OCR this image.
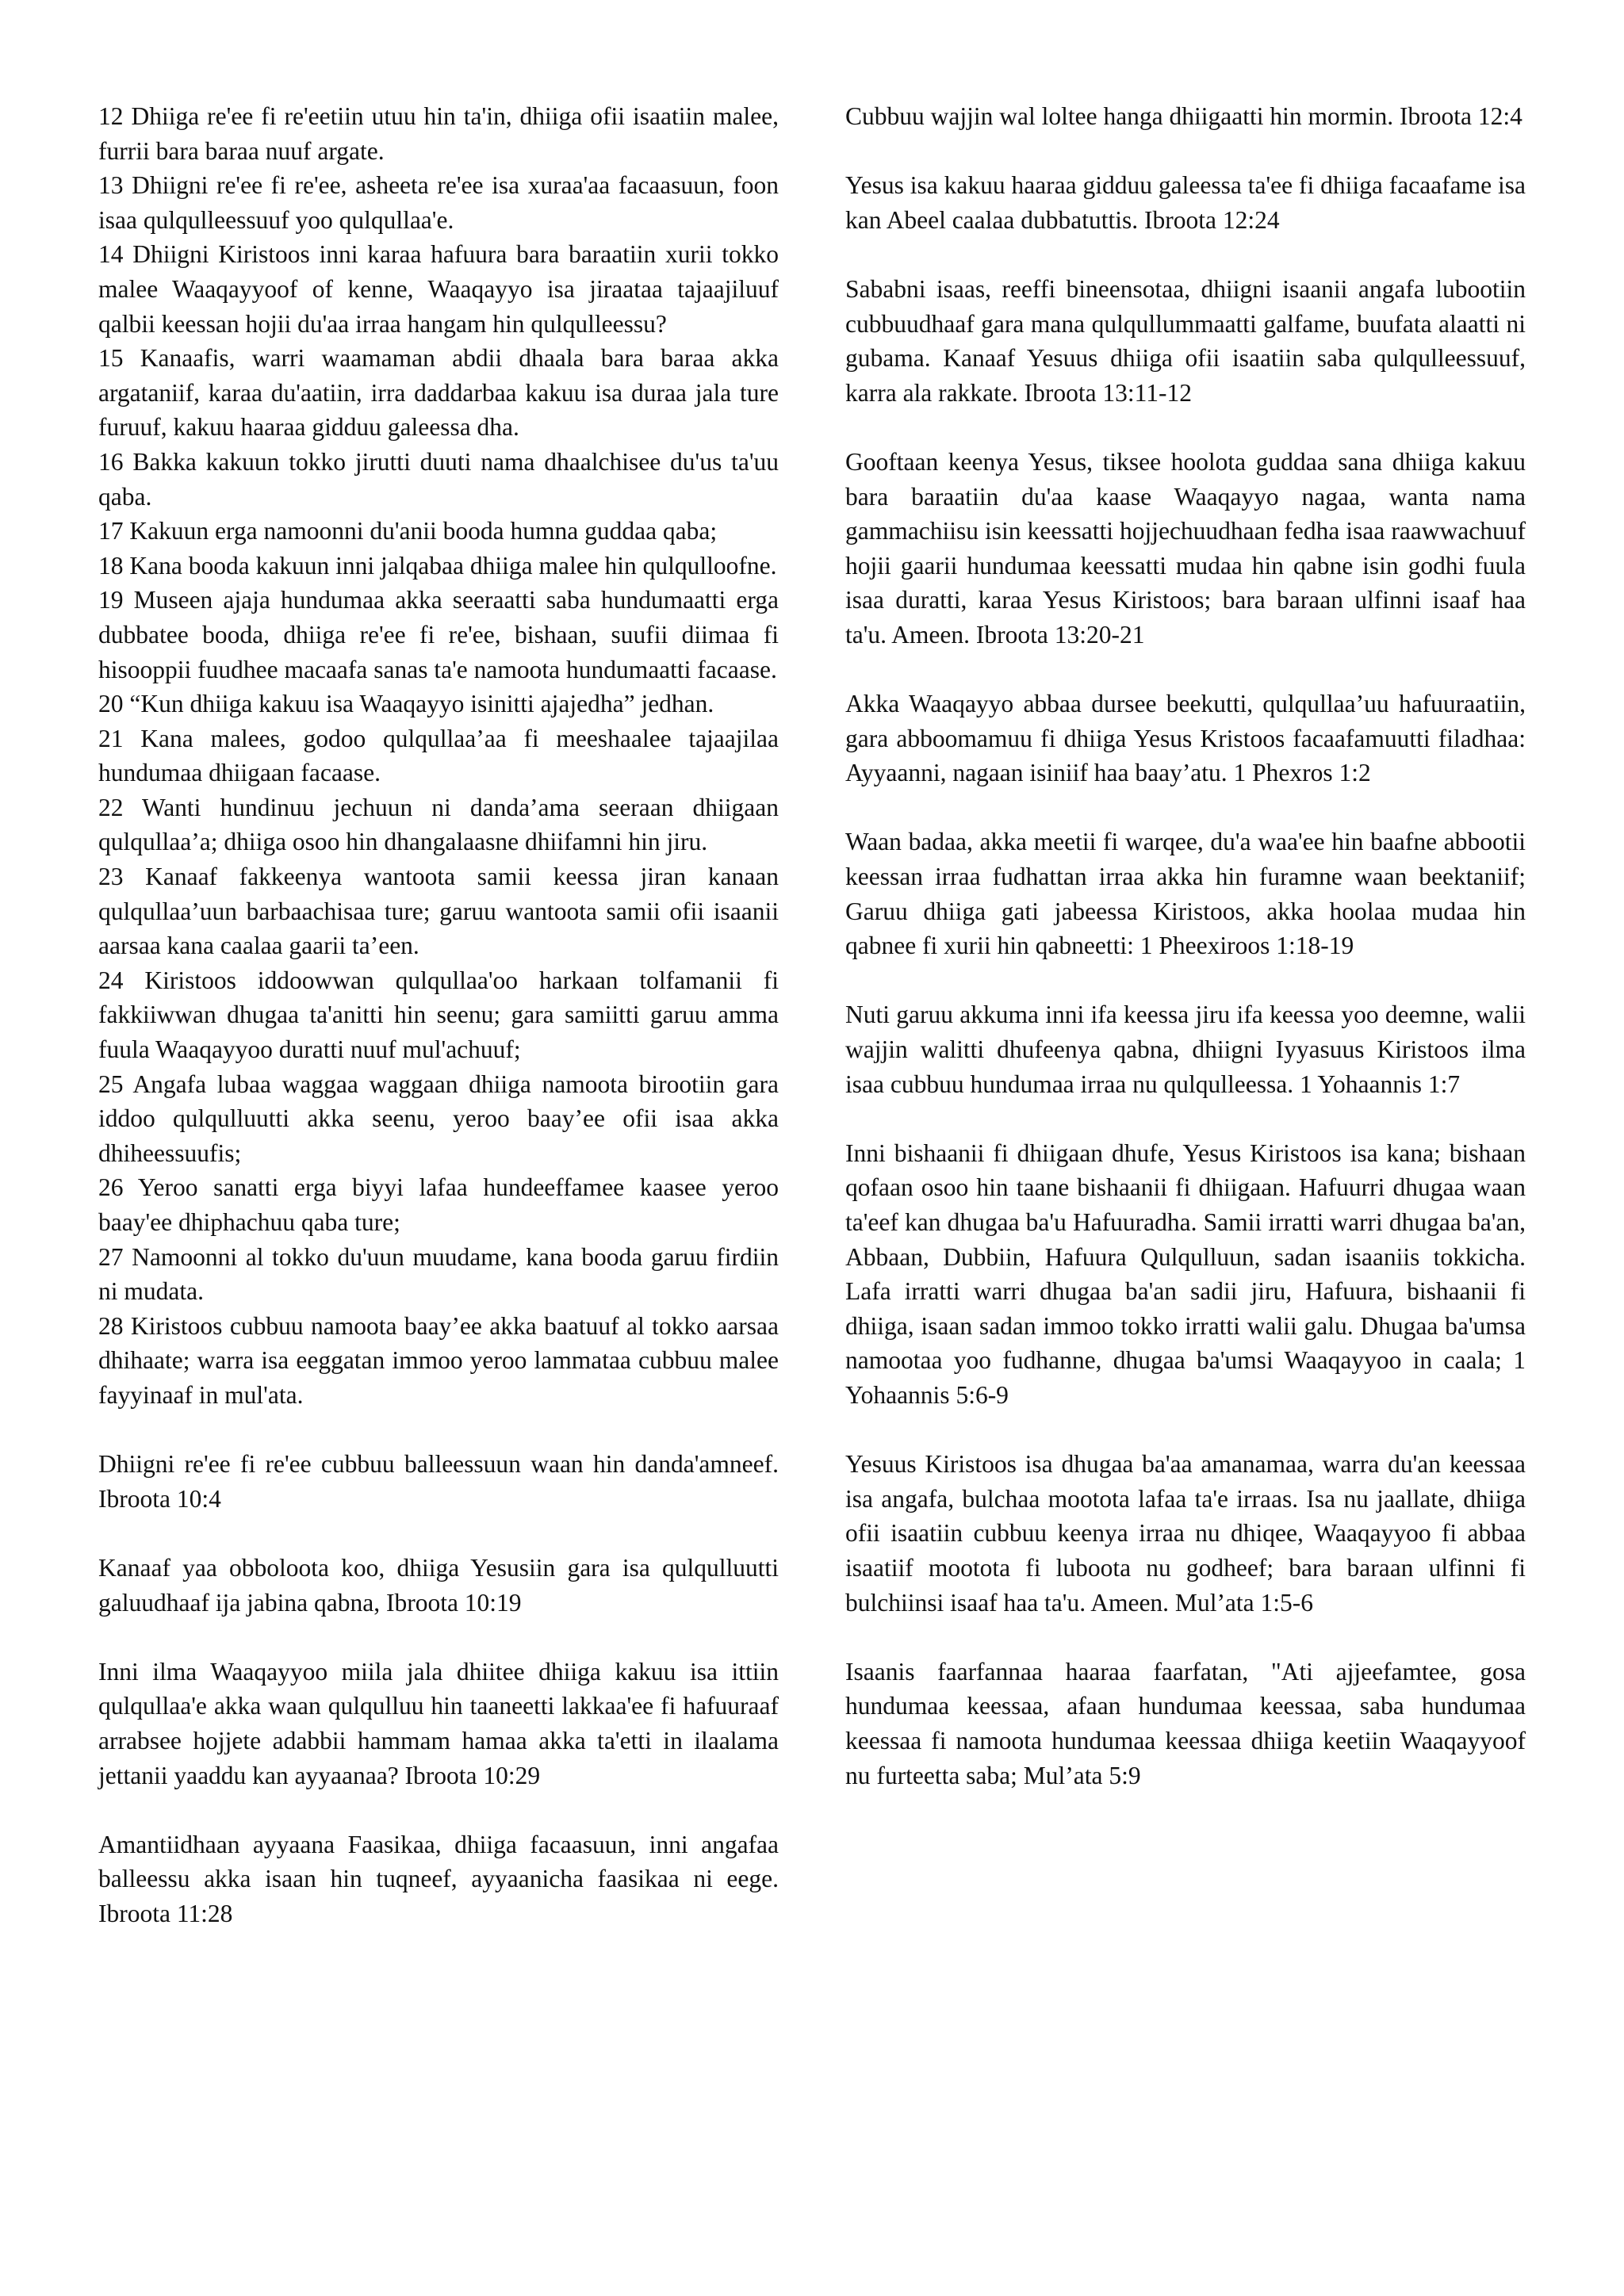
12 Dhiiga re'ee fi re'eetiin utuu hin ta'in, dhiiga ofii isaatiin malee, furrii bara baraa nuuf argate.

13 Dhiigni re'ee fi re'ee, asheeta re'ee isa xuraa'aa facaasuun, foon isaa qulqulleessuuf yoo qulqullaa'e.

14 Dhiigni Kiristoos inni karaa hafuura bara baraatiin xurii tokko malee Waaqayyoof of kenne, Waaqayyo isa jiraataa tajaajiluuf qalbii keessan hojii du'aa irraa hangam hin qulqulleessu?

15 Kanaafis, warri waamaman abdii dhaala bara baraa akka argataniif, karaa du'aatiin, irra daddarbaa kakuu isa duraa jala ture furuuf, kakuu haaraa gidduu galeessa dha.

16 Bakka kakuun tokko jirutti duuti nama dhaalchisee du'us ta'uu qaba.

17 Kakuun erga namoonni du'anii booda humna guddaa qaba;

18 Kana booda kakuun inni jalqabaa dhiiga malee hin qulqulloofne.

19 Museen ajaja hundumaa akka seeraatti saba hundumaatti erga dubbatee booda, dhiiga re'ee fi re'ee, bishaan, suufii diimaa fi hisooppii fuudhee macaafa sanas ta'e namoota hundumaatti facaase.

20 “Kun dhiiga kakuu isa Waaqayyo isinitti ajajedha” jedhan.

21 Kana malees, godoo qulqullaa’aa fi meeshaalee tajaajilaa hundumaa dhiigaan facaase.

22 Wanti hundinuu jechuun ni danda’ama seeraan dhiigaan qulqullaa’a; dhiiga osoo hin dhangalaasne dhiifamni hin jiru.

23 Kanaaf fakkeenya wantoota samii keessa jiran kanaan qulqullaa’uun barbaachisaa ture; garuu wantoota samii ofii isaanii aarsaa kana caalaa gaarii ta’een.

24 Kiristoos iddoowwan qulqullaa'oo harkaan tolfamanii fi fakkiiwwan dhugaa ta'anitti hin seenu; gara samiitti garuu amma fuula Waaqayyoo duratti nuuf mul'achuuf;

25 Angafa lubaa waggaa waggaan dhiiga namoota birootiin gara iddoo qulqulluutti akka seenu, yeroo baay’ee ofii isaa akka dhiheessuufis;

26 Yeroo sanatti erga biyyi lafaa hundeeffamee kaasee yeroo baay'ee dhiphachuu qaba ture;

27 Namoonni al tokko du'uun muudame, kana booda garuu firdiin ni mudata.

28 Kiristoos cubbuu namoota baay’ee akka baatuuf al tokko aarsaa dhihaate; warra isa eeggatan immoo yeroo lammataa cubbuu malee fayyinaaf in mul'ata.

Dhiigni re'ee fi re'ee cubbuu balleessuun waan hin danda'amneef. Ibroota 10:4

Kanaaf yaa obboloota koo, dhiiga Yesusiin gara isa qulqulluutti galuudhaaf ija jabina qabna, Ibroota 10:19

Inni ilma Waaqayyoo miila jala dhiitee dhiiga kakuu isa ittiin qulqullaa'e akka waan qulqulluu hin taaneetti lakkaa'ee fi hafuuraaf arrabsee hojjete adabbii hammam hamaa akka ta'etti in ilaalama jettanii yaaddu kan ayyaanaa? Ibroota 10:29

Amantiidhaan ayyaana Faasikaa, dhiiga facaasuun, inni angafaa balleessu akka isaan hin tuqneef, ayyaanicha faasikaa ni eege. Ibroota 11:28

Cubbuu wajjin wal loltee hanga dhiigaatti hin mormin. Ibroota 12:4

Yesus isa kakuu haaraa gidduu galeessa ta'ee fi dhiiga facaafame isa kan Abeel caalaa dubbatuttis. Ibroota 12:24

Sababni isaas, reeffi bineensotaa, dhiigni isaanii angafa lubootiin cubbuudhaaf gara mana qulqullummaatti galfame, buufata alaatti ni gubama. Kanaaf Yesuus dhiiga ofii isaatiin saba qulqulleessuuf, karra ala rakkate. Ibroota 13:11-12

Gooftaan keenya Yesus, tiksee hoolota guddaa sana dhiiga kakuu bara baraatiin du'aa kaase Waaqayyo nagaa, wanta nama gammachiisu isin keessatti hojjechuudhaan fedha isaa raawwachuuf hojii gaarii hundumaa keessatti mudaa hin qabne isin godhi fuula isaa duratti, karaa Yesus Kiristoos; bara baraan ulfinni isaaf haa ta'u. Ameen. Ibroota 13:20-21

Akka Waaqayyo abbaa dursee beekutti, qulqullaa’uu hafuuraatiin, gara abboomamuu fi dhiiga Yesus Kristoos facaafamuutti filadhaa: Ayyaanni, nagaan isiniif haa baay’atu. 1 Phexros 1:2

Waan badaa, akka meetii fi warqee, du'a waa'ee hin baafne abbootii keessan irraa fudhattan irraa akka hin furamne waan beektaniif; Garuu dhiiga gati jabeessa Kiristoos, akka hoolaa mudaa hin qabnee fi xurii hin qabneetti: 1 Pheexiroos 1:18-19

Nuti garuu akkuma inni ifa keessa jiru ifa keessa yoo deemne, walii wajjin walitti dhufeenya qabna, dhiigni Iyyasuus Kiristoos ilma isaa cubbuu hundumaa irraa nu qulqulleessa. 1 Yohaannis 1:7

Inni bishaanii fi dhiigaan dhufe, Yesus Kiristoos isa kana; bishaan qofaan osoo hin taane bishaanii fi dhiigaan. Hafuurri dhugaa waan ta'eef kan dhugaa ba'u Hafuuradha. Samii irratti warri dhugaa ba'an, Abbaan, Dubbiin, Hafuura Qulqulluun, sadan isaaniis tokkicha. Lafa irratti warri dhugaa ba'an sadii jiru, Hafuura, bishaanii fi dhiiga, isaan sadan immoo tokko irratti walii galu. Dhugaa ba'umsa namootaa yoo fudhanne, dhugaa ba'umsi Waaqayyoo in caala; 1 Yohaannis 5:6-9

Yesuus Kiristoos isa dhugaa ba'aa amanamaa, warra du'an keessaa isa angafa, bulchaa mootota lafaa ta'e irraas. Isa nu jaallate, dhiiga ofii isaatiin cubbuu keenya irraa nu dhiqee, Waaqayyoo fi abbaa isaatiif mootota fi luboota nu godheef; bara baraan ulfinni fi bulchiinsi isaaf haa ta'u. Ameen. Mul’ata 1:5-6

Isaanis faarfannaa haaraa faarfatan, "Ati ajjeefamtee, gosa hundumaa keessaa, afaan hundumaa keessaa, saba hundumaa keessaa fi namoota hundumaa keessaa dhiiga keetiin Waaqayyoof nu furteetta saba; Mul’ata 5:9
